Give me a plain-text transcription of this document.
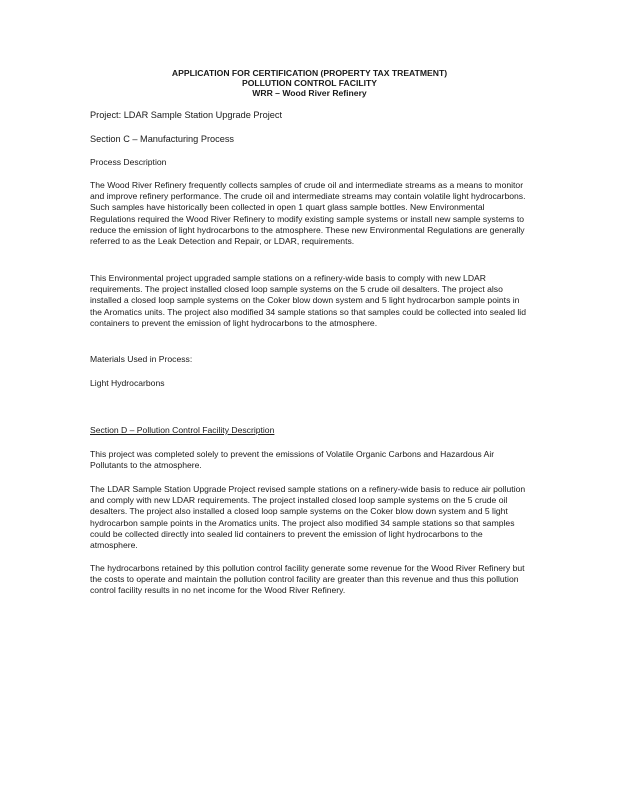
APPLICATION FOR CERTIFICATION (PROPERTY TAX TREATMENT)
POLLUTION CONTROL FACILITY
WRR – Wood River Refinery
Project: LDAR Sample Station Upgrade Project
Section C – Manufacturing Process
Process Description
The Wood River Refinery frequently collects samples of crude oil and intermediate streams as a means to monitor and improve refinery performance. The crude oil and intermediate streams may contain volatile light hydrocarbons. Such samples have historically been collected in open 1 quart glass sample bottles. New Environmental Regulations required the Wood River Refinery to modify existing sample systems or install new sample systems to reduce the emission of light hydrocarbons to the atmosphere. These new Environmental Regulations are generally referred to as the Leak Detection and Repair, or LDAR, requirements.
This Environmental project upgraded sample stations on a refinery-wide basis to comply with new LDAR requirements. The project installed closed loop sample systems on the 5 crude oil desalters. The project also installed a closed loop sample systems on the Coker blow down system and 5 light hydrocarbon sample points in the Aromatics units. The project also modified 34 sample stations so that samples could be collected into sealed lid containers to prevent the emission of light hydrocarbons to the atmosphere.
Materials Used in Process:
Light Hydrocarbons
Section D – Pollution Control Facility Description
This project was completed solely to prevent the emissions of Volatile Organic Carbons and Hazardous Air Pollutants to the atmosphere.
The LDAR Sample Station Upgrade Project revised sample stations on a refinery-wide basis to reduce air pollution and comply with new LDAR requirements. The project installed closed loop sample systems on the 5 crude oil desalters. The project also installed a closed loop sample systems on the Coker blow down system and 5 light hydrocarbon sample points in the Aromatics units. The project also modified 34 sample stations so that samples could be collected directly into sealed lid containers to prevent the emission of light hydrocarbons to the atmosphere.
The hydrocarbons retained by this pollution control facility generate some revenue for the Wood River Refinery but the costs to operate and maintain the pollution control facility are greater than this revenue and thus this pollution control facility results in no net income for the Wood River Refinery.
